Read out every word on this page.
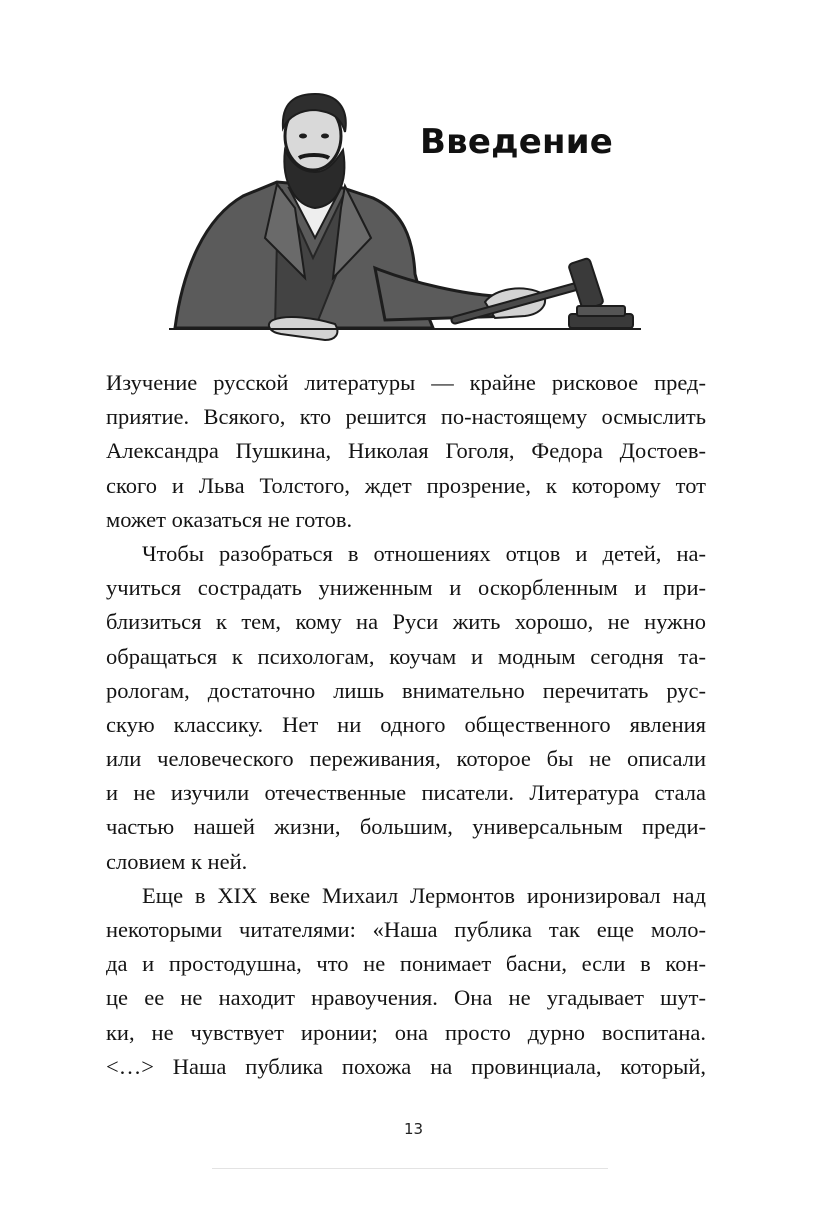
Введение
Изучение русской литературы — крайне рисковое пред-
приятие. Всякого, кто решится по-настоящему осмыслить
Александра Пушкина, Николая Гоголя, Федора Достоев-
ского и Льва Толстого, ждет прозрение, к которому тот
может оказаться не готов.
Чтобы разобраться в отношениях отцов и детей, на-
учиться сострадать униженным и оскорбленным и при-
близиться к тем, кому на Руси жить хорошо, не нужно
обращаться к психологам, коучам и модным сегодня та-
рологам, достаточно лишь внимательно перечитать рус-
скую классику. Нет ни одного общественного явления
или человеческого переживания, которое бы не описали
и не изучили отечественные писатели. Литература стала
частью нашей жизни, большим, универсальным преди-
словием к ней.
Еще в XIX веке Михаил Лермонтов иронизировал над
некоторыми читателями: «Наша публика так еще моло-
да и простодушна, что не понимает басни, если в кон-
це ее не находит нравоучения. Она не угадывает шут-
ки, не чувствует иронии; она просто дурно воспитана.
<…> Наша публика похожа на провинциала, который,
13
